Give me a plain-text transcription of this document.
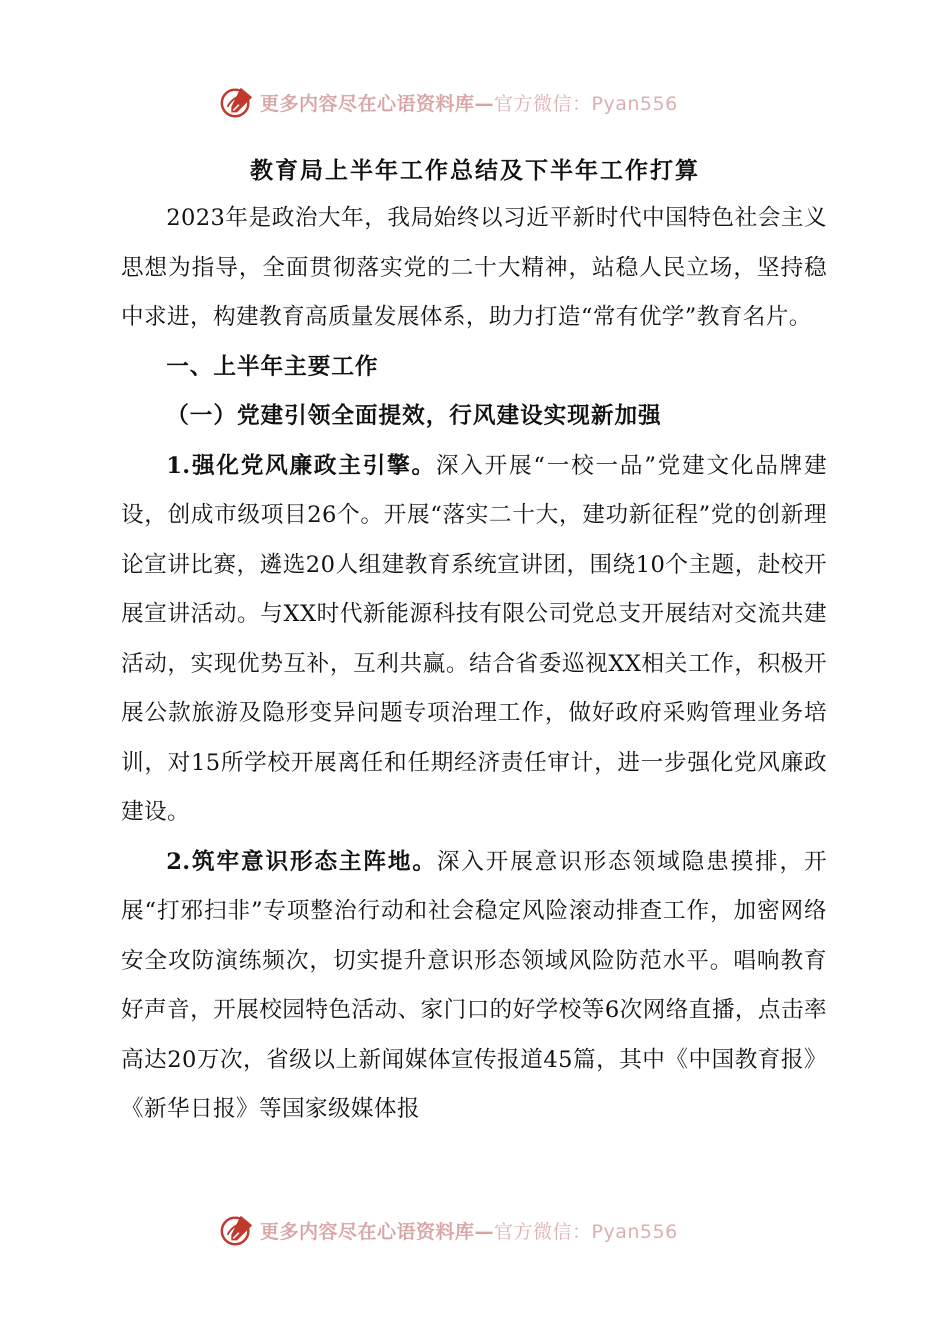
更多内容尽在心语资料库—官方微信：Pyan556
教育局上半年工作总结及下半年工作打算

2023年是政治大年，我局始终以习近平新时代中国特色社会主义思想为指导，全面贯彻落实党的二十大精神，站稳人民立场，坚持稳中求进，构建教育高质量发展体系，助力打造“常有优学”教育名片。

一、上半年主要工作

（一）党建引领全面提效，行风建设实现新加强

1.强化党风廉政主引擎。深入开展“一校一品”党建文化品牌建设，创成市级项目26个。开展“落实二十大，建功新征程”党的创新理论宣讲比赛，遴选20人组建教育系统宣讲团，围绕10个主题，赴校开展宣讲活动。与XX时代新能源科技有限公司党总支开展结对交流共建活动，实现优势互补，互利共赢。结合省委巡视XX相关工作，积极开展公款旅游及隐形变异问题专项治理工作，做好政府采购管理业务培训，对15所学校开展离任和任期经济责任审计，进一步强化党风廉政建设。

2.筑牢意识形态主阵地。深入开展意识形态领域隐患摸排，开展“打邪扫非”专项整治行动和社会稳定风险滚动排查工作，加密网络安全攻防演练频次，切实提升意识形态领域风险防范水平。唱响教育好声音，开展校园特色活动、家门口的好学校等6次网络直播，点击率高达20万次，省级以上新闻媒体宣传报道45篇，其中《中国教育报》《新华日报》等国家级媒体报

更多内容尽在心语资料库—官方微信：Pyan556
